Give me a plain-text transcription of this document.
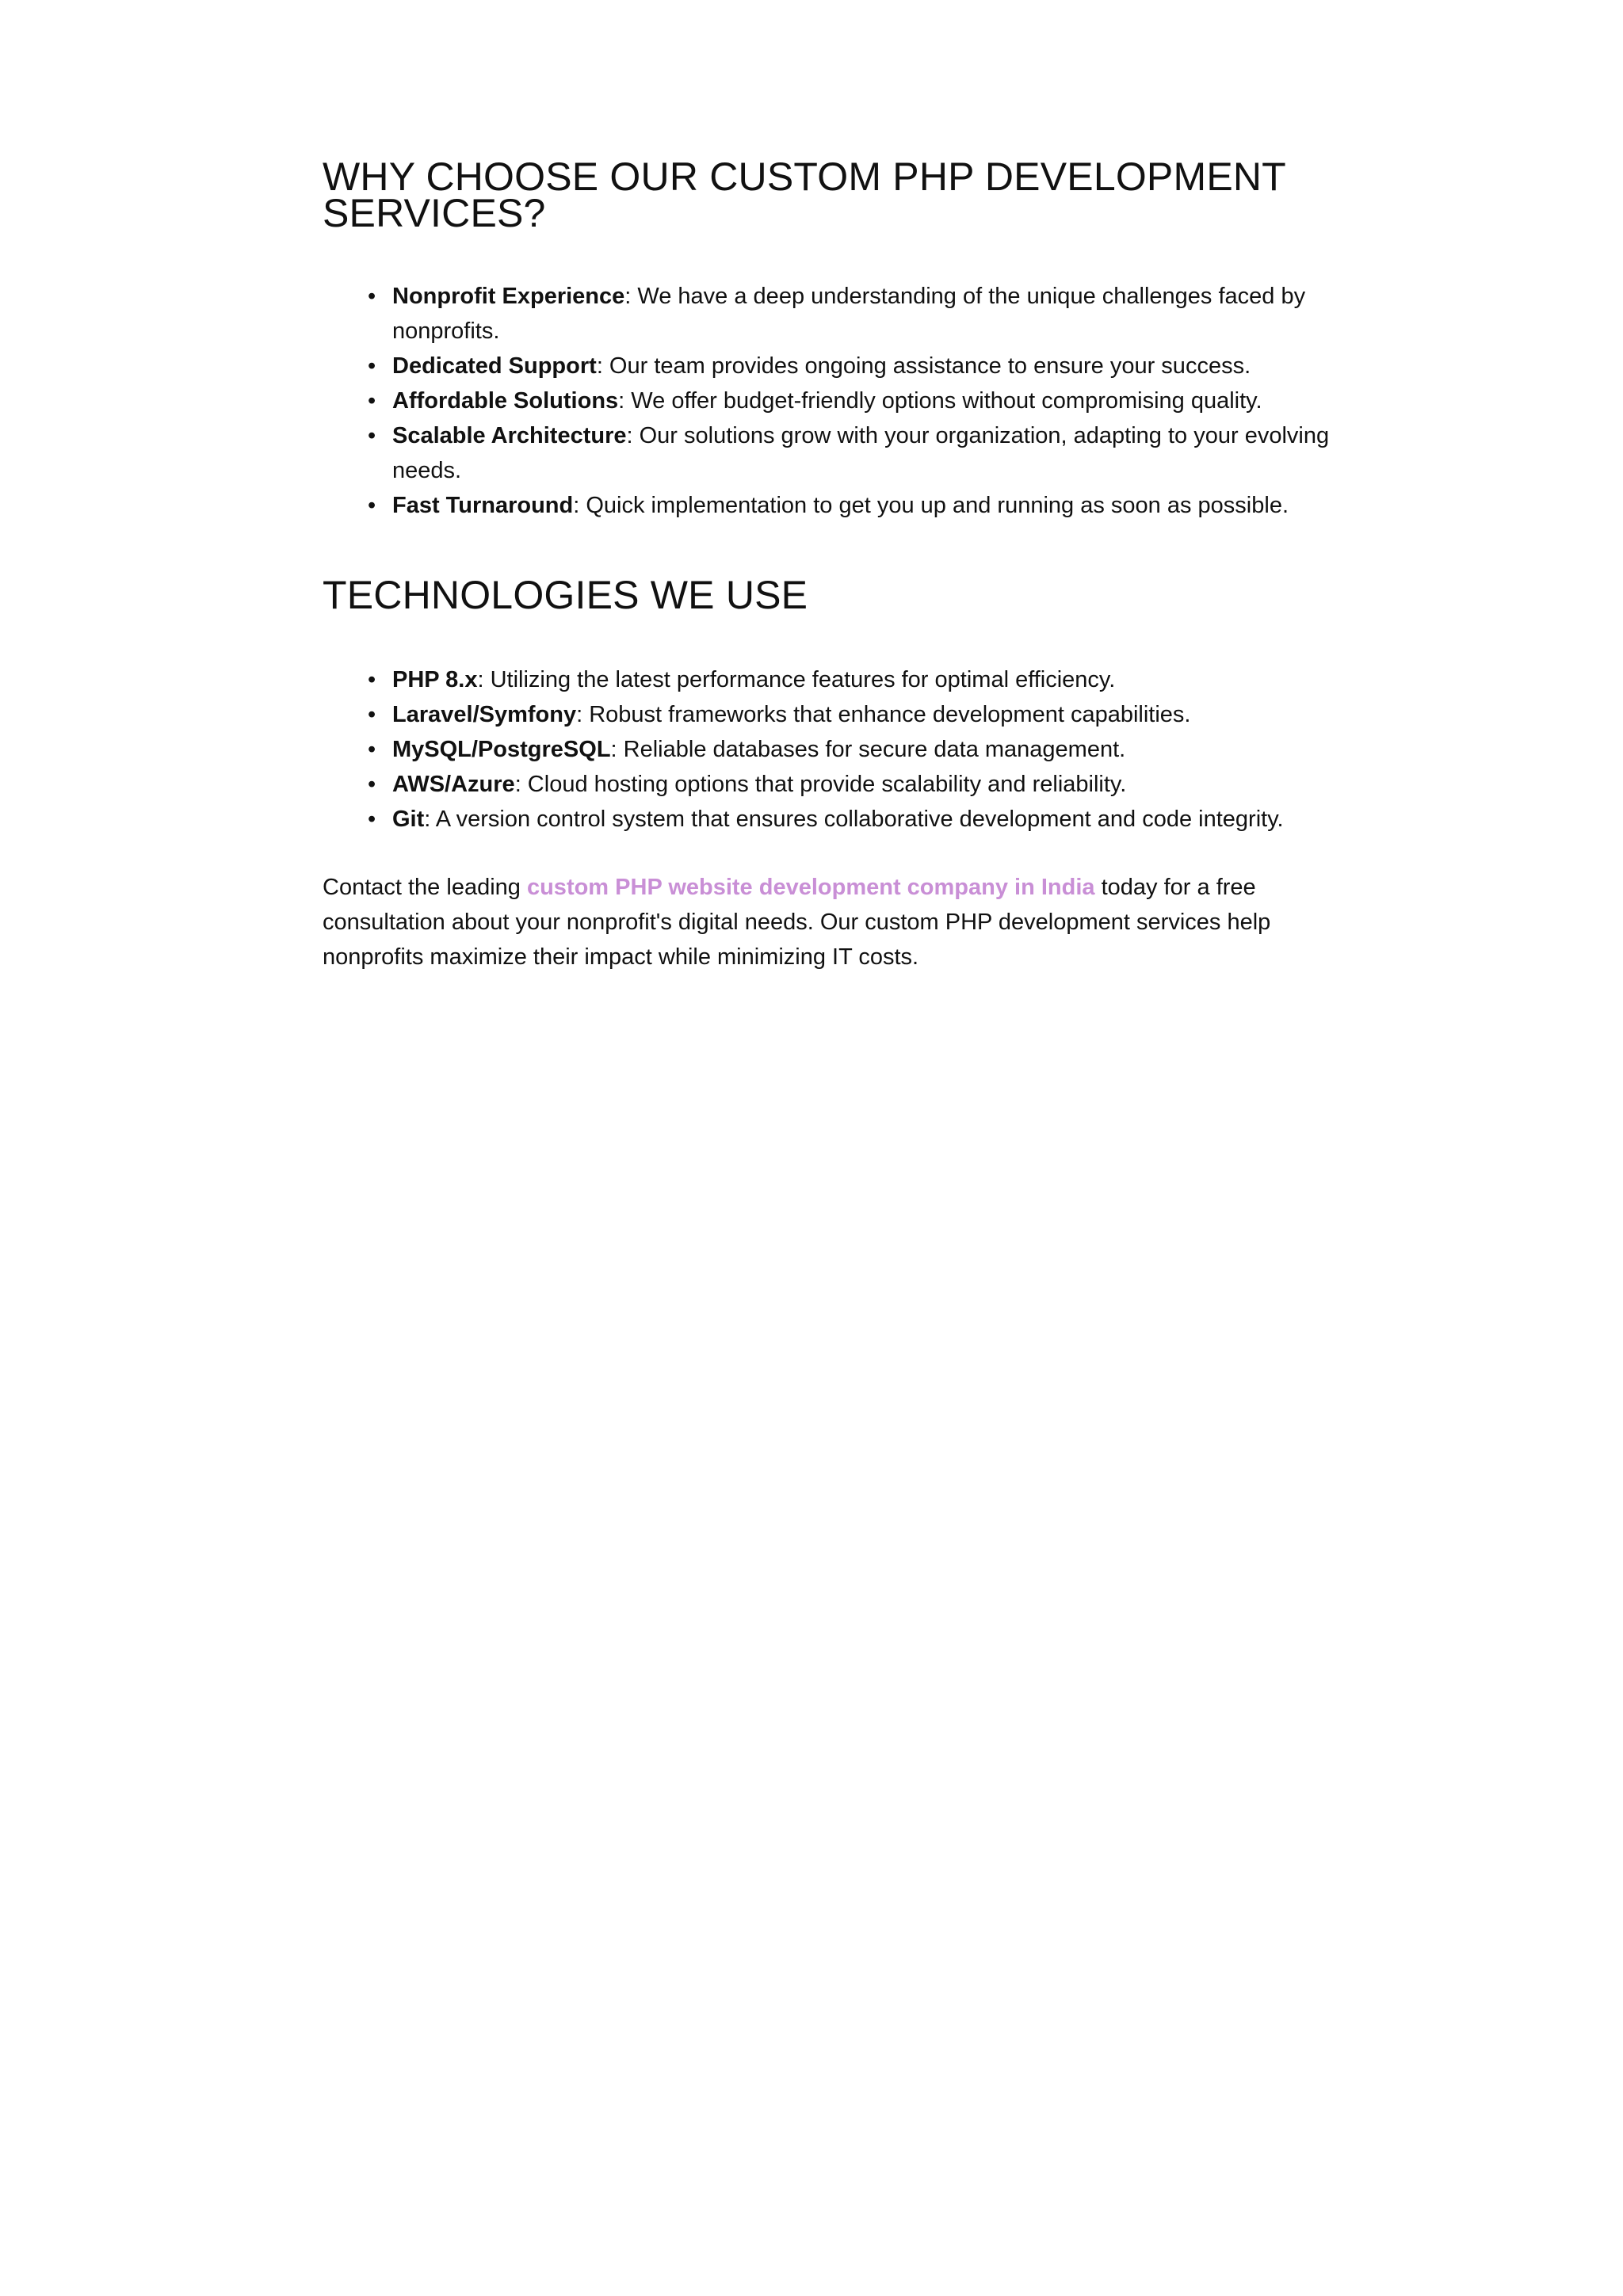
WHY CHOOSE OUR CUSTOM PHP DEVELOPMENT SERVICES?
• Nonprofit Experience: We have a deep understanding of the unique challenges faced by nonprofits.
• Dedicated Support: Our team provides ongoing assistance to ensure your success.
• Affordable Solutions: We offer budget-friendly options without compromising quality.
• Scalable Architecture: Our solutions grow with your organization, adapting to your evolving needs.
• Fast Turnaround: Quick implementation to get you up and running as soon as possible.
TECHNOLOGIES WE USE
• PHP 8.x: Utilizing the latest performance features for optimal efficiency.
• Laravel/Symfony: Robust frameworks that enhance development capabilities.
• MySQL/PostgreSQL: Reliable databases for secure data management.
• AWS/Azure: Cloud hosting options that provide scalability and reliability.
• Git: A version control system that ensures collaborative development and code integrity.

Contact the leading custom PHP website development company in India today for a free consultation about your nonprofit's digital needs. Our custom PHP development services help nonprofits maximize their impact while minimizing IT costs.
